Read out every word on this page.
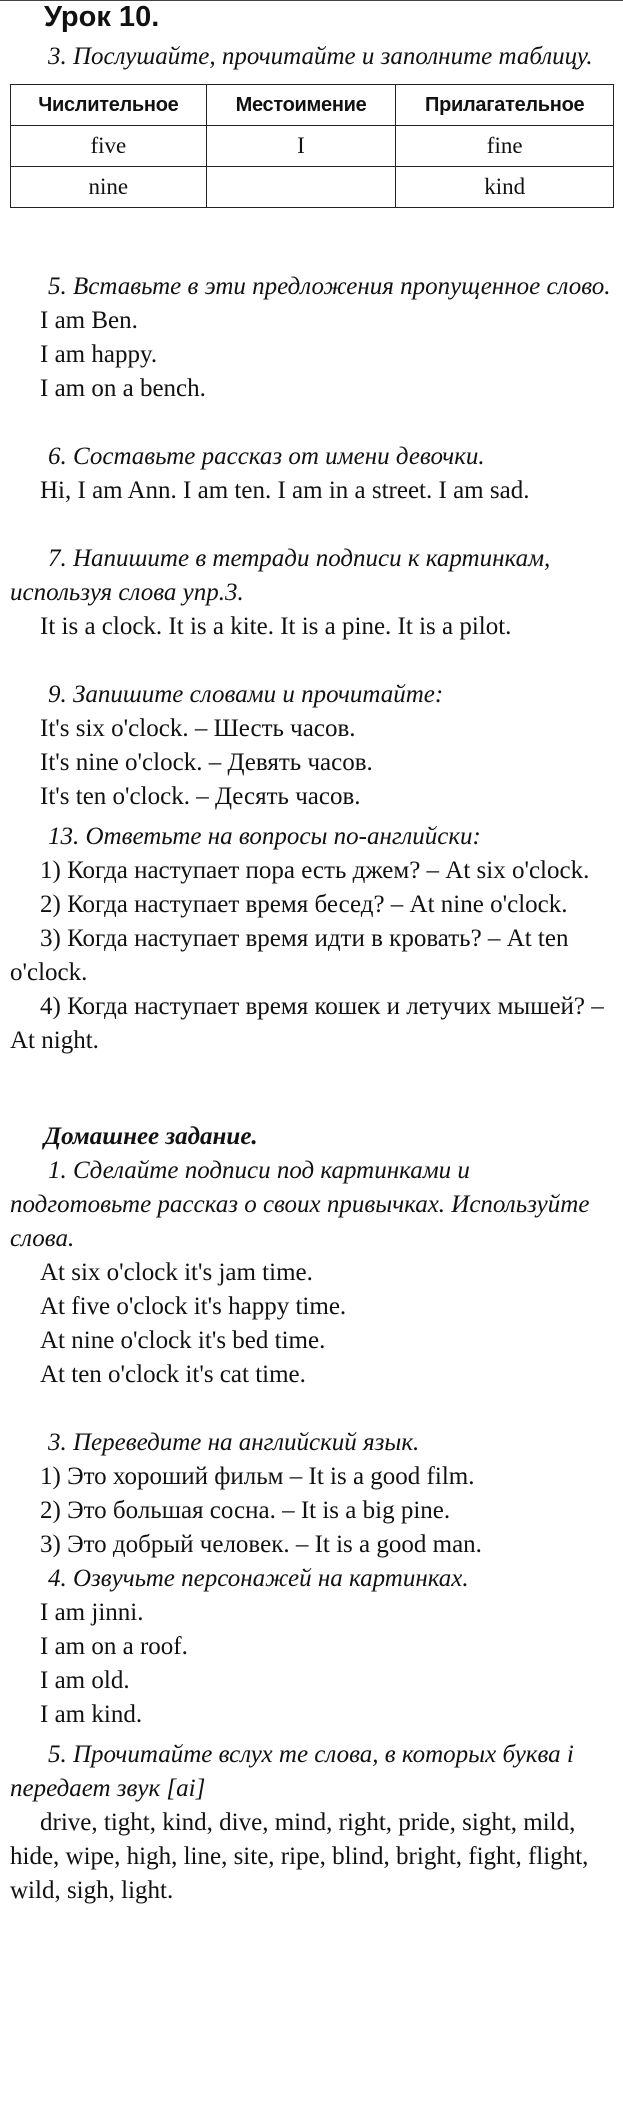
Урок 10.

3. Послушайте, прочитайте и заполните таблицу.

Числительное	Местоимение	Прилагательное
five	I	fine
nine		kind

5. Вставьте в эти предложения пропущенное слово.

I am Ben.

I am happy.

I am on a bench.

6. Составьте рассказ от имени девочки.

Hi, I am Ann. I am ten. I am in a street. I am sad.

7. Напишите в тетради подписи к картинкам, используя слова упр.3.

It is a clock. It is a kite. It is a pine. It is a pilot.

9. Запишите словами и прочитайте:

It's six o'clock. – Шесть часов.

It's nine o'clock. – Девять часов.

It's ten o'clock. – Десять часов.

13. Ответьте на вопросы по-английски:

1) Когда наступает пора есть джем? – At six o'clock.

2) Когда наступает время бесед? – At nine o'clock.

3) Когда наступает время идти в кровать? – At ten o'clock.

4) Когда наступает время кошек и летучих мышей? – At night.

Домашнее задание.

1. Сделайте подписи под картинками и подготовьте рассказ о своих привычках. Используйте слова.

At six o'clock it's jam time.

At five o'clock it's happy time.

At nine o'clock it's bed time.

At ten o'clock it's cat time.

3. Переведите на английский язык.

1) Это хороший фильм – It is a good film.

2) Это большая сосна. – It is a big pine.

3) Это добрый человек. – It is a good man.

4. Озвучьте персонажей на картинках.

I am jinni.

I am on a roof.

I am old.

I am kind.

5. Прочитайте вслух те слова, в которых буква i передает звук [ai]

drive, tight, kind, dive, mind, right, pride, sight, mild, hide, wipe, high, line, site, ripe, blind, bright, fight, flight, wild, sigh, light.
